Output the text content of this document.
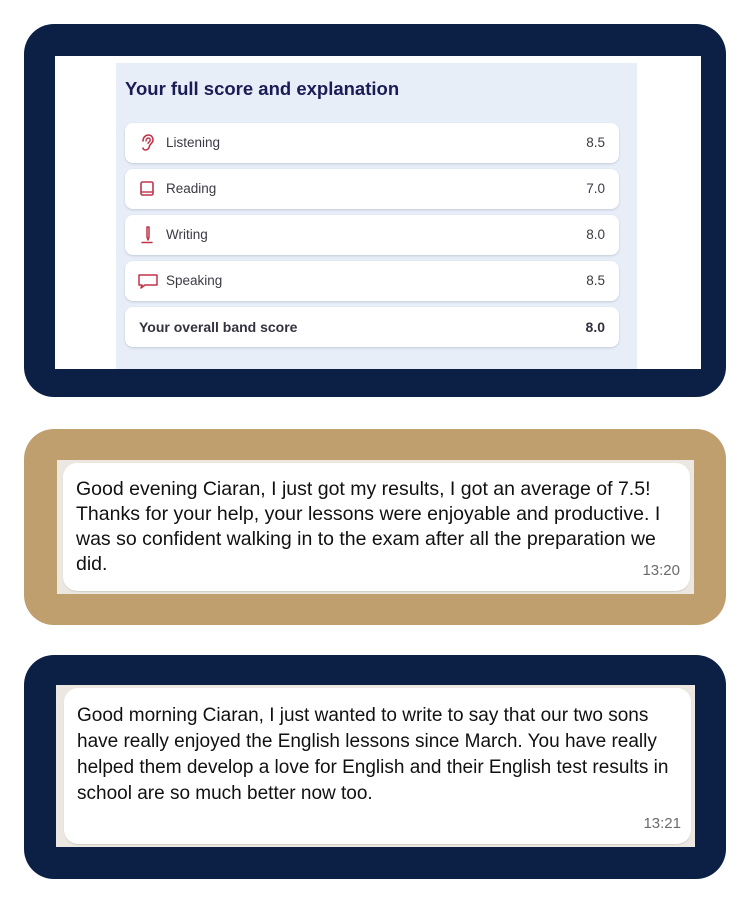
Your full score and explanation
Listening	8.5
Reading	7.0
Writing	8.0
Speaking	8.5
Your overall band score	8.0
Good evening Ciaran, I just got my results, I got an average of 7.5! Thanks for your help, your lessons were enjoyable and productive. I was so confident walking in to the exam after all the preparation we did.	13:20
Good morning Ciaran, I just wanted to write to say that our two sons have really enjoyed the English lessons since March. You have really helped them develop a love for English and their English test results in school are so much better now too.
13:21
